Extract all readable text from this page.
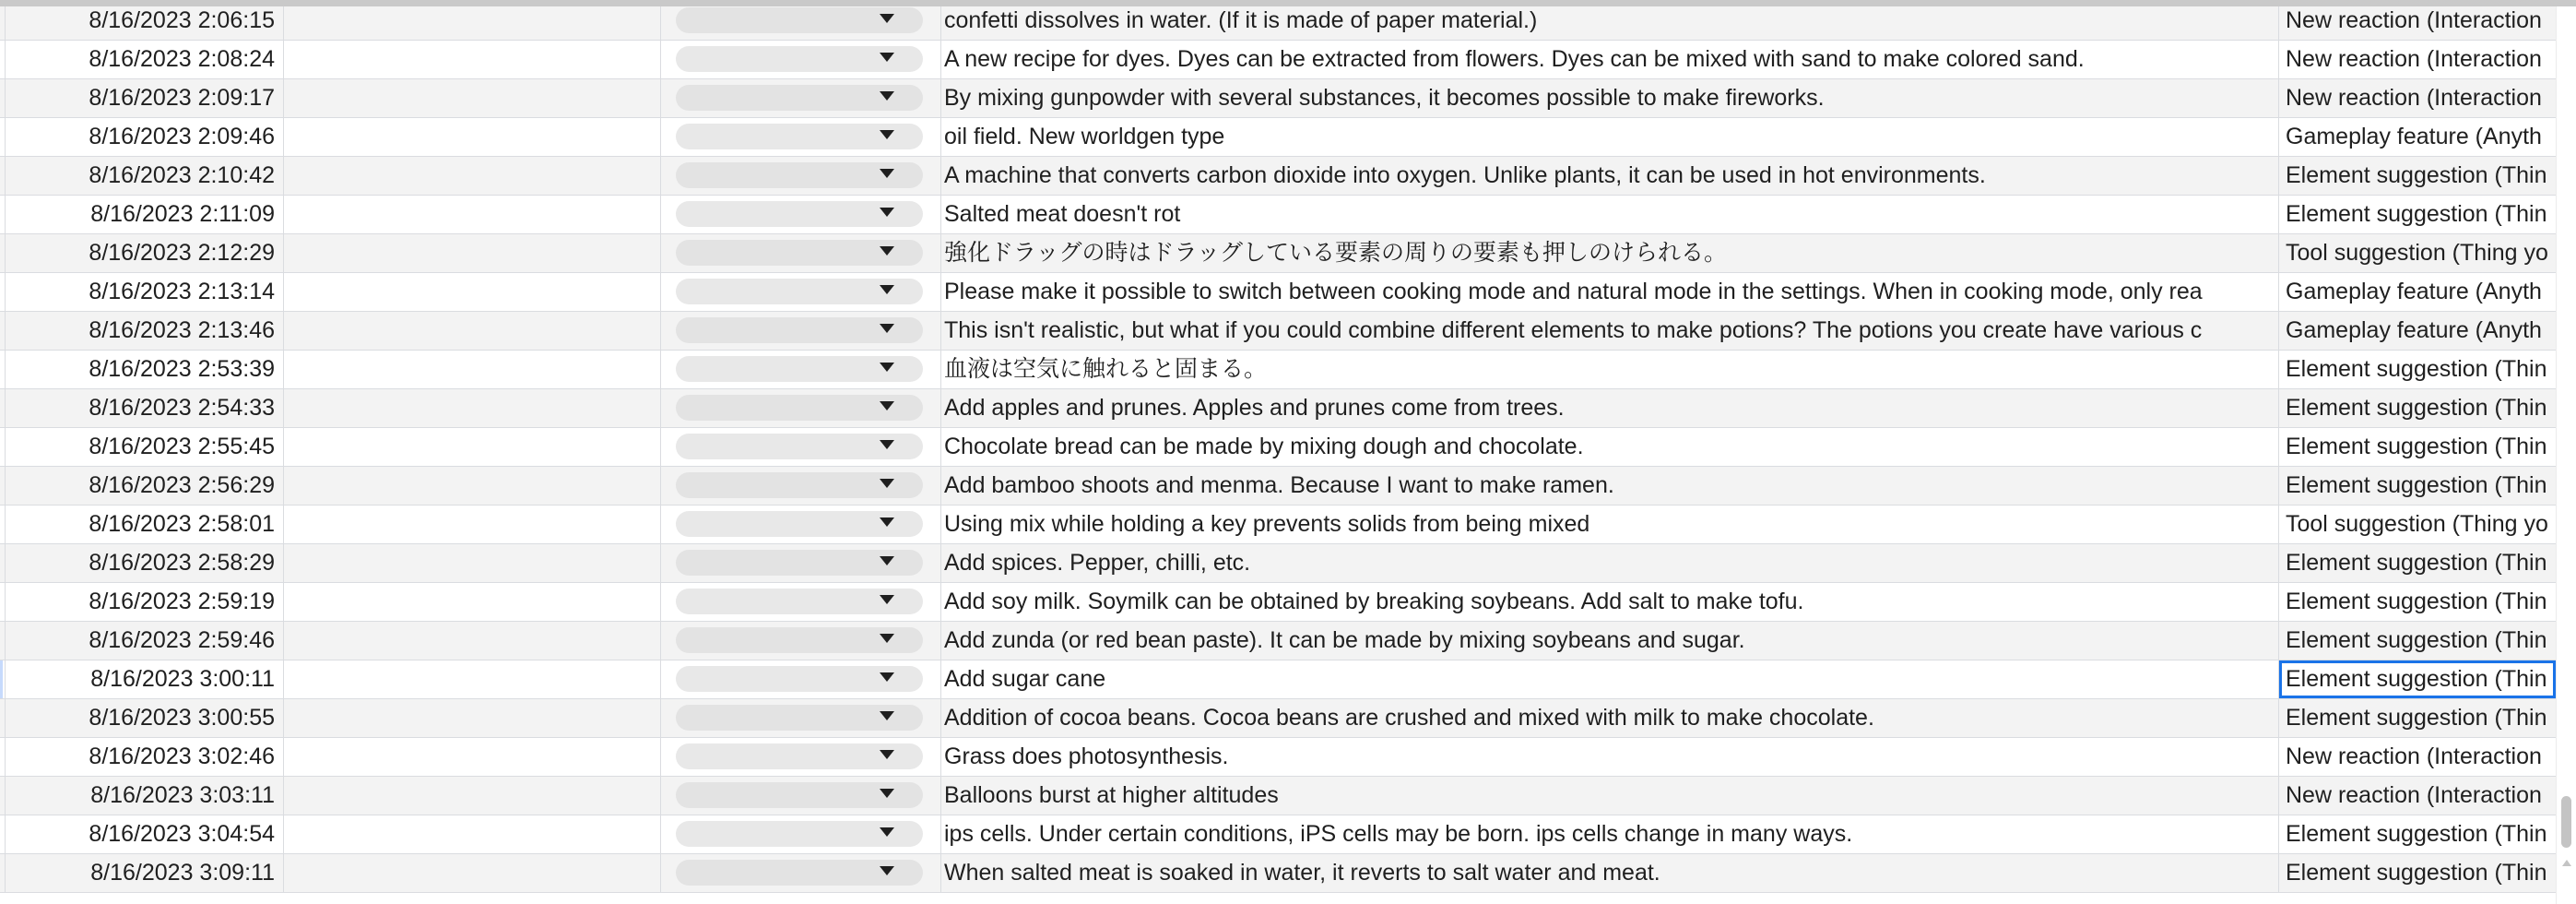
8/16/2023 2:06:15	confetti dissolves in water. (If it is made of paper material.)	New reaction (Interaction
8/16/2023 2:08:24	A new recipe for dyes. Dyes can be extracted from flowers. Dyes can be mixed with sand to make colored sand.	New reaction (Interaction
8/16/2023 2:09:17	By mixing gunpowder with several substances, it becomes possible to make fireworks.	New reaction (Interaction
8/16/2023 2:09:46	oil field. New worldgen type	Gameplay feature (Anyth
8/16/2023 2:10:42	A machine that converts carbon dioxide into oxygen. Unlike plants, it can be used in hot environments.	Element suggestion (Thin
8/16/2023 2:11:09	Salted meat doesn't rot	Element suggestion (Thin
8/16/2023 2:12:29	強化ドラッグの時はドラッグしている要素の周りの要素も押しのけられる。	Tool suggestion (Thing yo
8/16/2023 2:13:14	Please make it possible to switch between cooking mode and natural mode in the settings. When in cooking mode, only rea	Gameplay feature (Anyth
8/16/2023 2:13:46	This isn't realistic, but what if you could combine different elements to make potions? The potions you create have various c	Gameplay feature (Anyth
8/16/2023 2:53:39	血液は空気に触れると固まる。	Element suggestion (Thin
8/16/2023 2:54:33	Add apples and prunes. Apples and prunes come from trees.	Element suggestion (Thin
8/16/2023 2:55:45	Chocolate bread can be made by mixing dough and chocolate.	Element suggestion (Thin
8/16/2023 2:56:29	Add bamboo shoots and menma. Because I want to make ramen.	Element suggestion (Thin
8/16/2023 2:58:01	Using mix while holding a key prevents solids from being mixed	Tool suggestion (Thing yo
8/16/2023 2:58:29	Add spices. Pepper, chilli, etc.	Element suggestion (Thin
8/16/2023 2:59:19	Add soy milk. Soymilk can be obtained by breaking soybeans. Add salt to make tofu.	Element suggestion (Thin
8/16/2023 2:59:46	Add zunda (or red bean paste). It can be made by mixing soybeans and sugar.	Element suggestion (Thin
8/16/2023 3:00:11	Add sugar cane	Element suggestion (Thin
8/16/2023 3:00:55	Addition of cocoa beans. Cocoa beans are crushed and mixed with milk to make chocolate.	Element suggestion (Thin
8/16/2023 3:02:46	Grass does photosynthesis.	New reaction (Interaction
8/16/2023 3:03:11	Balloons burst at higher altitudes	New reaction (Interaction
8/16/2023 3:04:54	ips cells. Under certain conditions, iPS cells may be born. ips cells change in many ways.	Element suggestion (Thin
8/16/2023 3:09:11	When salted meat is soaked in water, it reverts to salt water and meat.	Element suggestion (Thin
